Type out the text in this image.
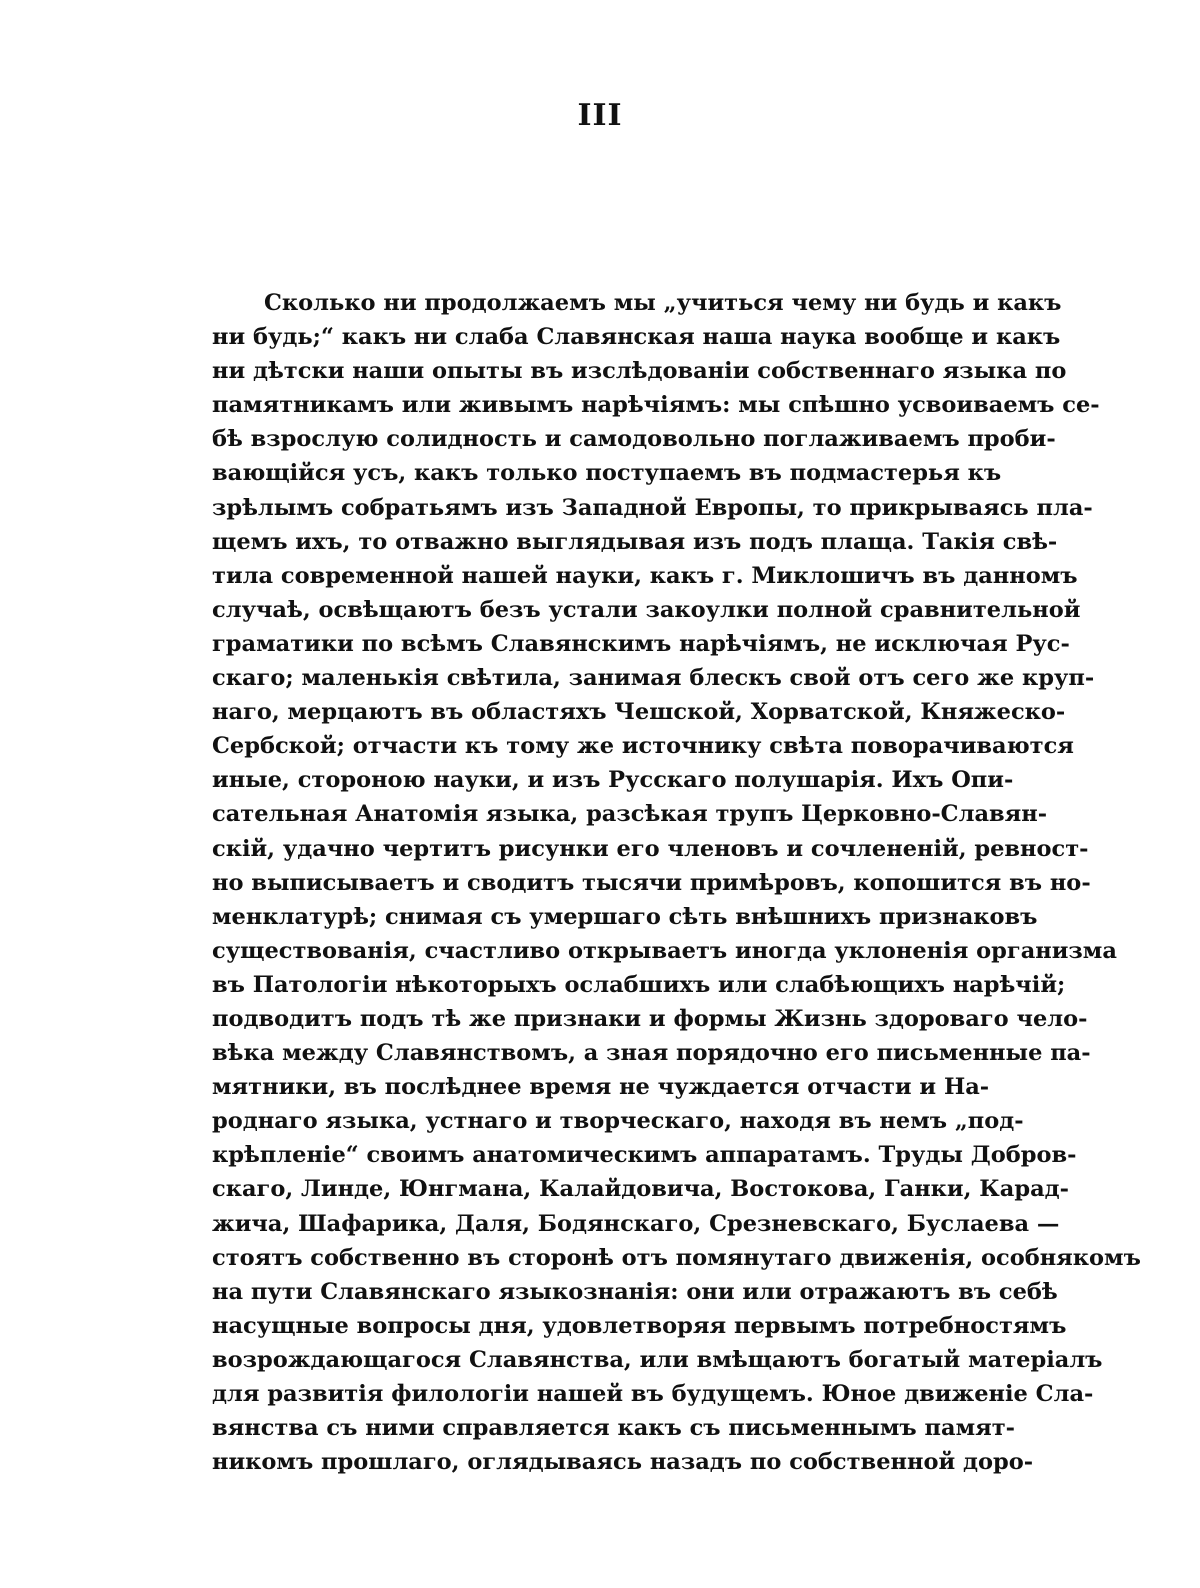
III
Сколько ни продолжаемъ мы „учиться чему ни будь и какъ
ни будь;“ какъ ни слаба Славянская наша наука вообще и какъ
ни дѣтски наши опыты въ изслѣдованіи собственнаго языка по
памятникамъ или живымъ нарѣчіямъ: мы спѣшно усвоиваемъ се-
бѣ взрослую солидность и самодовольно поглаживаемъ проби-
вающійся усъ, какъ только поступаемъ въ подмастерья къ
зрѣлымъ собратьямъ изъ Западной Европы, то прикрываясь пла-
щемъ ихъ, то отважно выглядывая изъ подъ плаща. Такія свѣ-
тила современной нашей науки, какъ г. Миклошичъ въ данномъ
случаѣ, освѣщаютъ безъ устали закоулки полной сравнительной
граматики по всѣмъ Славянскимъ нарѣчіямъ, не исключая Рус-
скаго; маленькія свѣтила, занимая блескъ свой отъ сего же круп-
наго, мерцаютъ въ областяхъ Чешской, Хорватской, Княжеско-
Сербской; отчасти къ тому же источнику свѣта поворачиваются
иные, стороною науки, и изъ Русскаго полушарія. Ихъ Опи-
сательная Анатомія языка, разсѣкая трупъ Церковно-Славян-
скій, удачно чертитъ рисунки его членовъ и сочлененій, ревност-
но выписываетъ и сводитъ тысячи примѣровъ, копошится въ но-
менклатурѣ; снимая съ умершаго сѣть внѣшнихъ признаковъ
существованія, счастливо открываетъ иногда уклоненія организма
въ Патологіи нѣкоторыхъ ослабшихъ или слабѣющихъ нарѣчій;
подводитъ подъ тѣ же признаки и формы Жизнь здороваго чело-
вѣка между Славянствомъ, а зная порядочно его письменные па-
мятники, въ послѣднее время не чуждается отчасти и На-
роднаго языка, устнаго и творческаго, находя въ немъ „под-
крѣпленіе“ своимъ анатомическимъ аппаратамъ. Труды Добров-
скаго, Линде, Юнгмана, Калайдовича, Востокова, Ганки, Карад-
жича, Шафарика, Даля, Бодянскаго, Срезневскаго, Буслаева —
стоятъ собственно въ сторонѣ отъ помянутаго движенія, особнякомъ
на пути Славянскаго языкознанія: они или отражаютъ въ себѣ
насущные вопросы дня, удовлетворяя первымъ потребностямъ
возрождающагося Славянства, или вмѣщаютъ богатый матеріалъ
для развитія филологіи нашей въ будущемъ. Юное движеніе Сла-
вянства съ ними справляется какъ съ письменнымъ памят-
никомъ прошлаго, оглядываясь назадъ по собственной доро-
